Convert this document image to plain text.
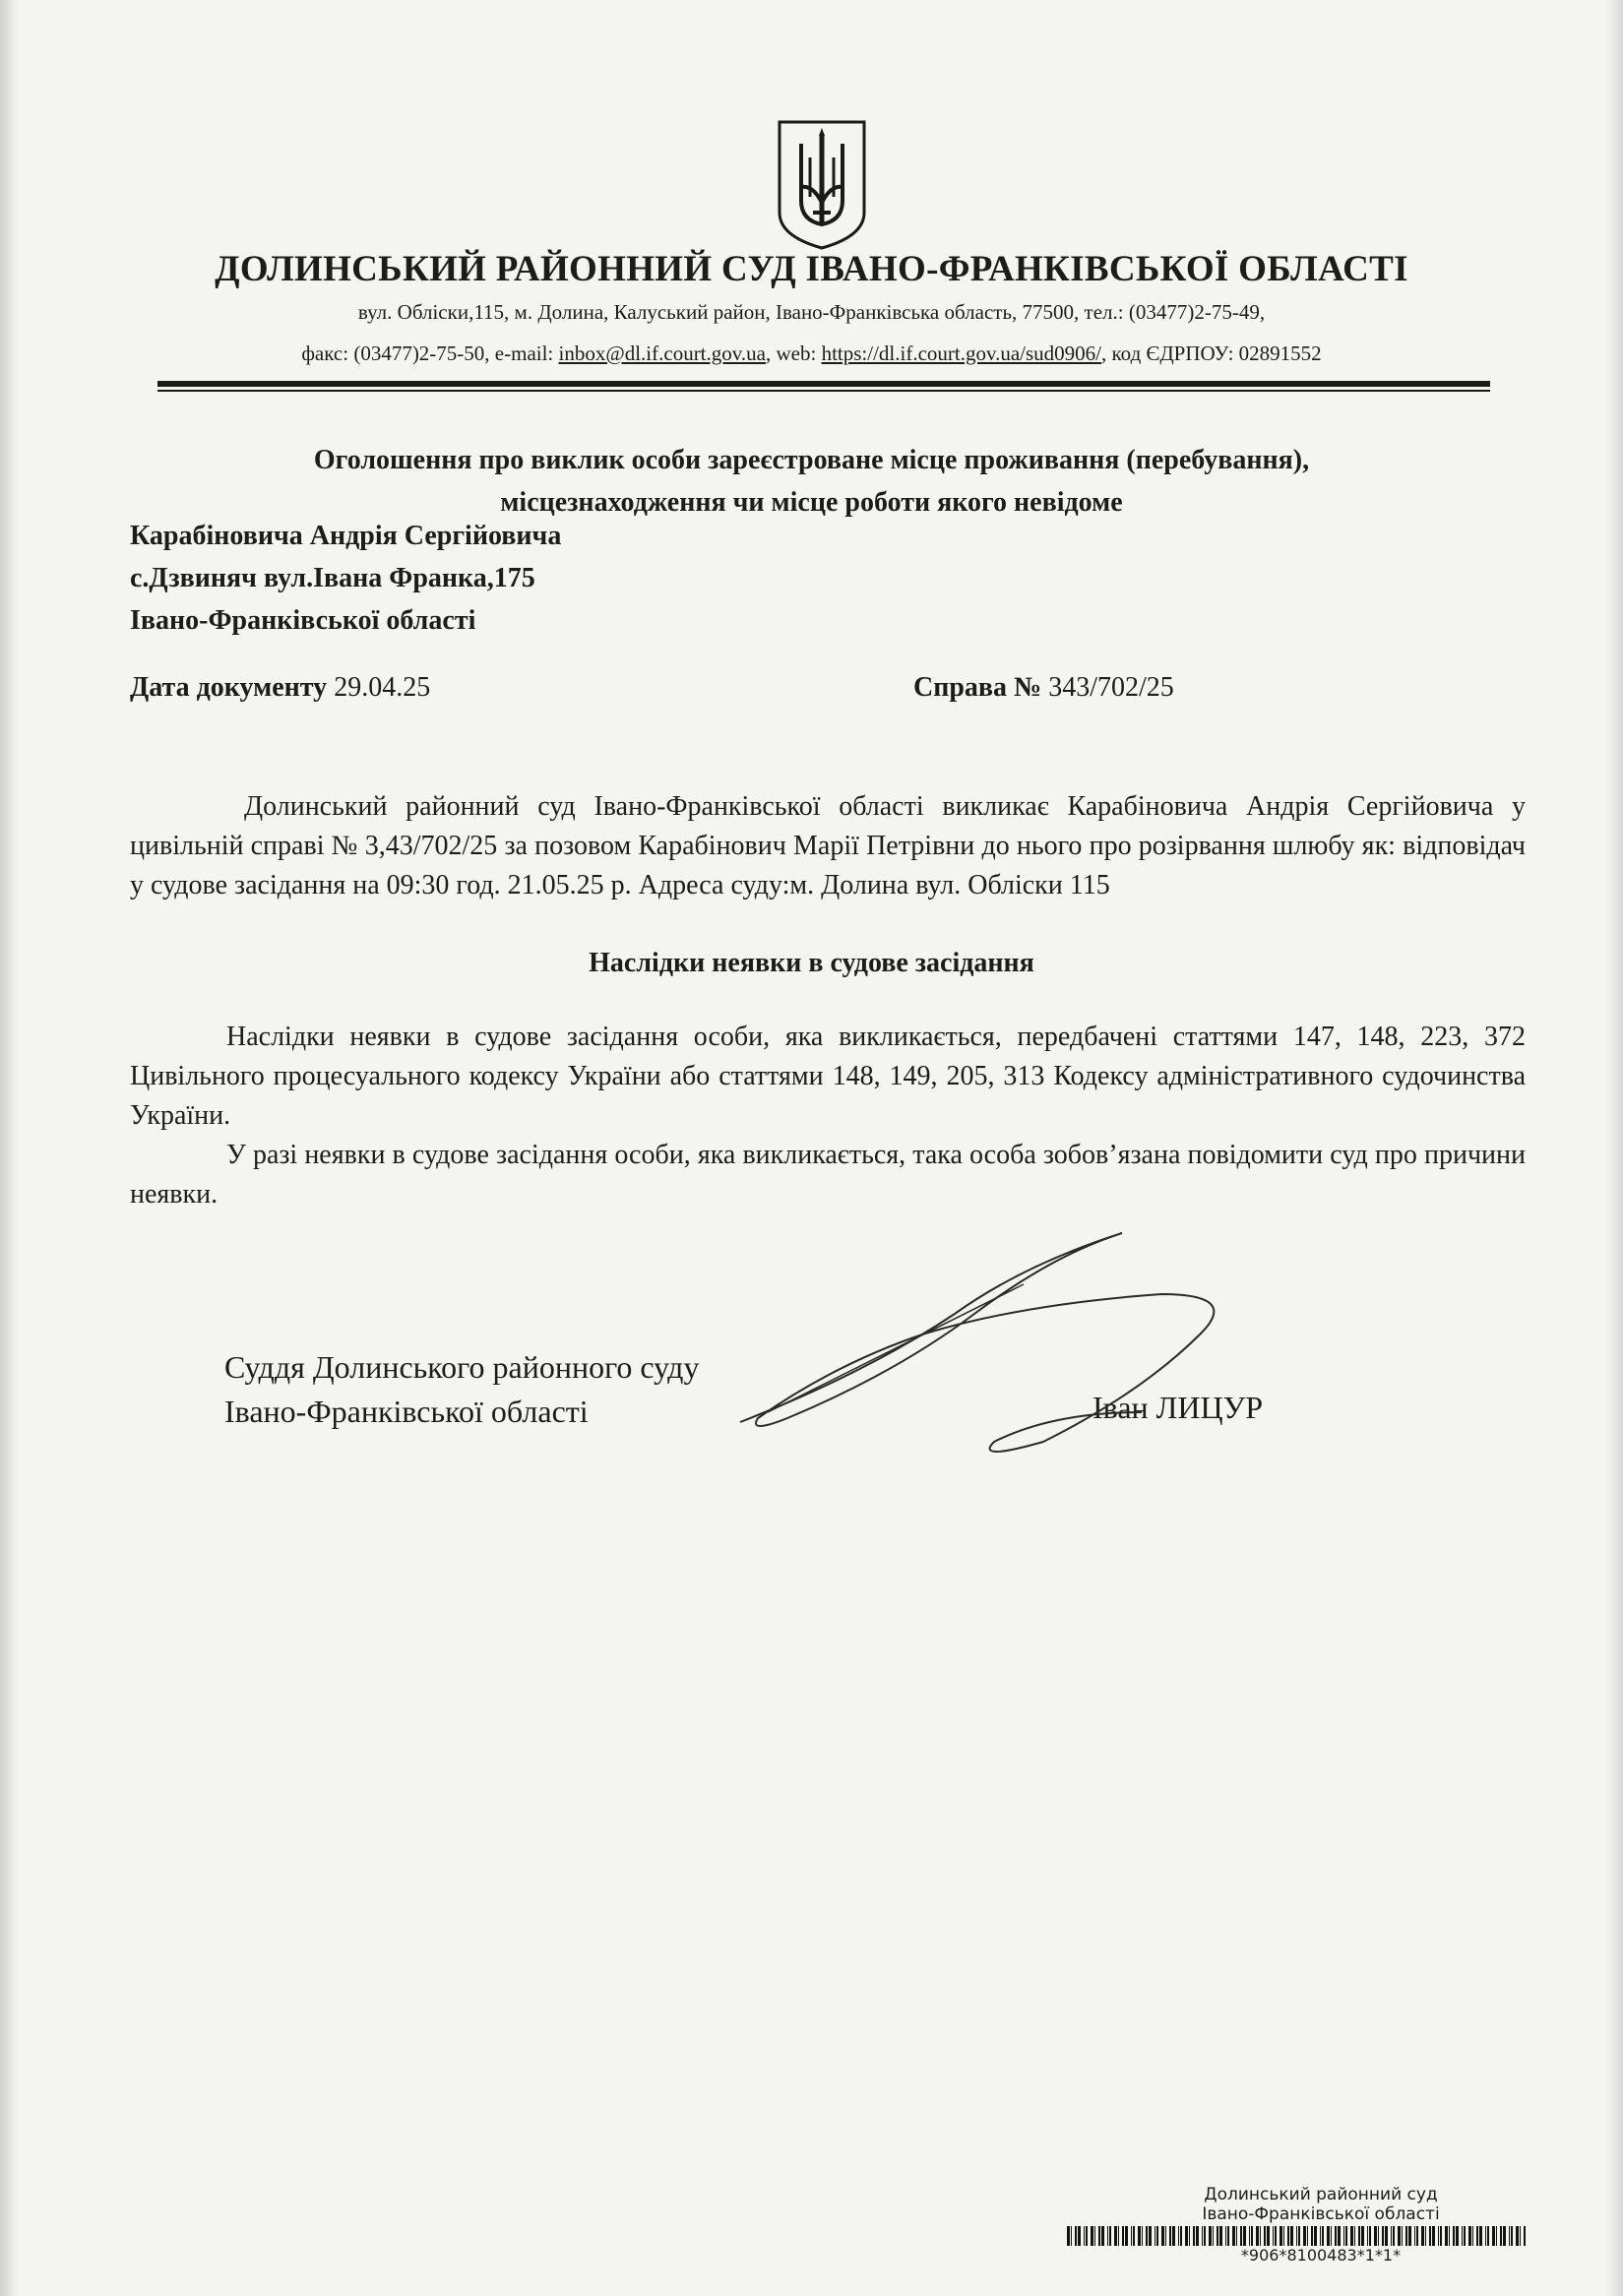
ДОЛИНСЬКИЙ РАЙОННИЙ СУД ІВАНО-ФРАНКІВСЬКОЇ ОБЛАСТІ
вул. Обліски,115, м. Долина, Калуський район, Івано-Франківська область, 77500, тел.: (03477)2-75-49,
факс: (03477)2-75-50, e-mail: inbox@dl.if.court.gov.ua, web: https://dl.if.court.gov.ua/sud0906/, код ЄДРПОУ: 02891552
Оголошення про виклик особи зареєстроване місце проживання (перебування),
місцезнаходження чи місце роботи якого невідоме
Карабіновича Андрія Сергійовича
с.Дзвиняч вул.Івана Франка,175
Івано-Франківської області
Дата документу 29.04.25	Справа № 343/702/25
Долинський районний суд Івано-Франківської області викликає Карабіновича Андрія Сергійовича у цивільній справі № 3,43/702/25 за позовом Карабінович Марії Петрівни до нього про розірвання шлюбу як: відповідач у судове засідання на 09:30 год. 21.05.25 р. Адреса суду:м. Долина вул. Обліски 115
Наслідки неявки в судове засідання
Наслідки неявки в судове засідання особи, яка викликається, передбачені статтями 147, 148, 223, 372 Цивільного процесуального кодексу України або статтями 148, 149, 205, 313 Кодексу адміністративного судочинства України.
У разі неявки в судове засідання особи, яка викликається, така особа зобов’язана повідомити суд про причини неявки.
Суддя Долинського районного суду
Івано-Франківської області	Іван ЛИЦУР
Долинський районний суд
Івано-Франківської області
*906*8100483*1*1*
